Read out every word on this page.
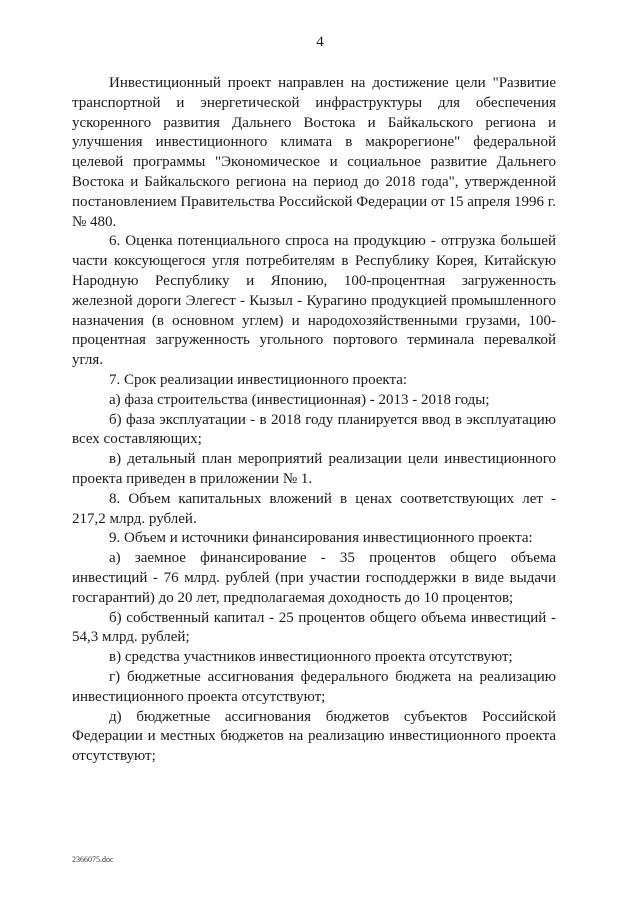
4

Инвестиционный проект направлен на достижение цели "Развитие транспортной и энергетической инфраструктуры для обеспечения ускоренного развития Дальнего Востока и Байкальского региона и улучшения инвестиционного климата в макрорегионе" федеральной целевой программы "Экономическое и социальное развитие Дальнего Востока и Байкальского региона на период до 2018 года", утвержденной постановлением Правительства Российской Федерации от 15 апреля 1996 г. № 480.

6. Оценка потенциального спроса на продукцию - отгрузка большей части коксующегося угля потребителям в Республику Корея, Китайскую Народную Республику и Японию, 100-процентная загруженность железной дороги Элегест - Кызыл - Курагино продукцией промышленного назначения (в основном углем) и народохозяйственными грузами, 100-процентная загруженность угольного портового терминала перевалкой угля.

7. Срок реализации инвестиционного проекта:

а) фаза строительства (инвестиционная) - 2013 - 2018 годы;

б) фаза эксплуатации - в 2018 году планируется ввод в эксплуатацию всех составляющих;

в) детальный план мероприятий реализации цели инвестиционного проекта приведен в приложении № 1.

8. Объем капитальных вложений в ценах соответствующих лет - 217,2 млрд. рублей.

9. Объем и источники финансирования инвестиционного проекта:

а) заемное финансирование - 35 процентов общего объема инвестиций - 76 млрд. рублей (при участии господдержки в виде выдачи госгарантий) до 20 лет, предполагаемая доходность до 10 процентов;

б) собственный капитал - 25 процентов общего объема инвестиций - 54,3 млрд. рублей;

в) средства участников инвестиционного проекта отсутствуют;

г) бюджетные ассигнования федерального бюджета на реализацию инвестиционного проекта отсутствуют;

д) бюджетные ассигнования бюджетов субъектов Российской Федерации и местных бюджетов на реализацию инвестиционного проекта отсутствуют;

2366075.doc
